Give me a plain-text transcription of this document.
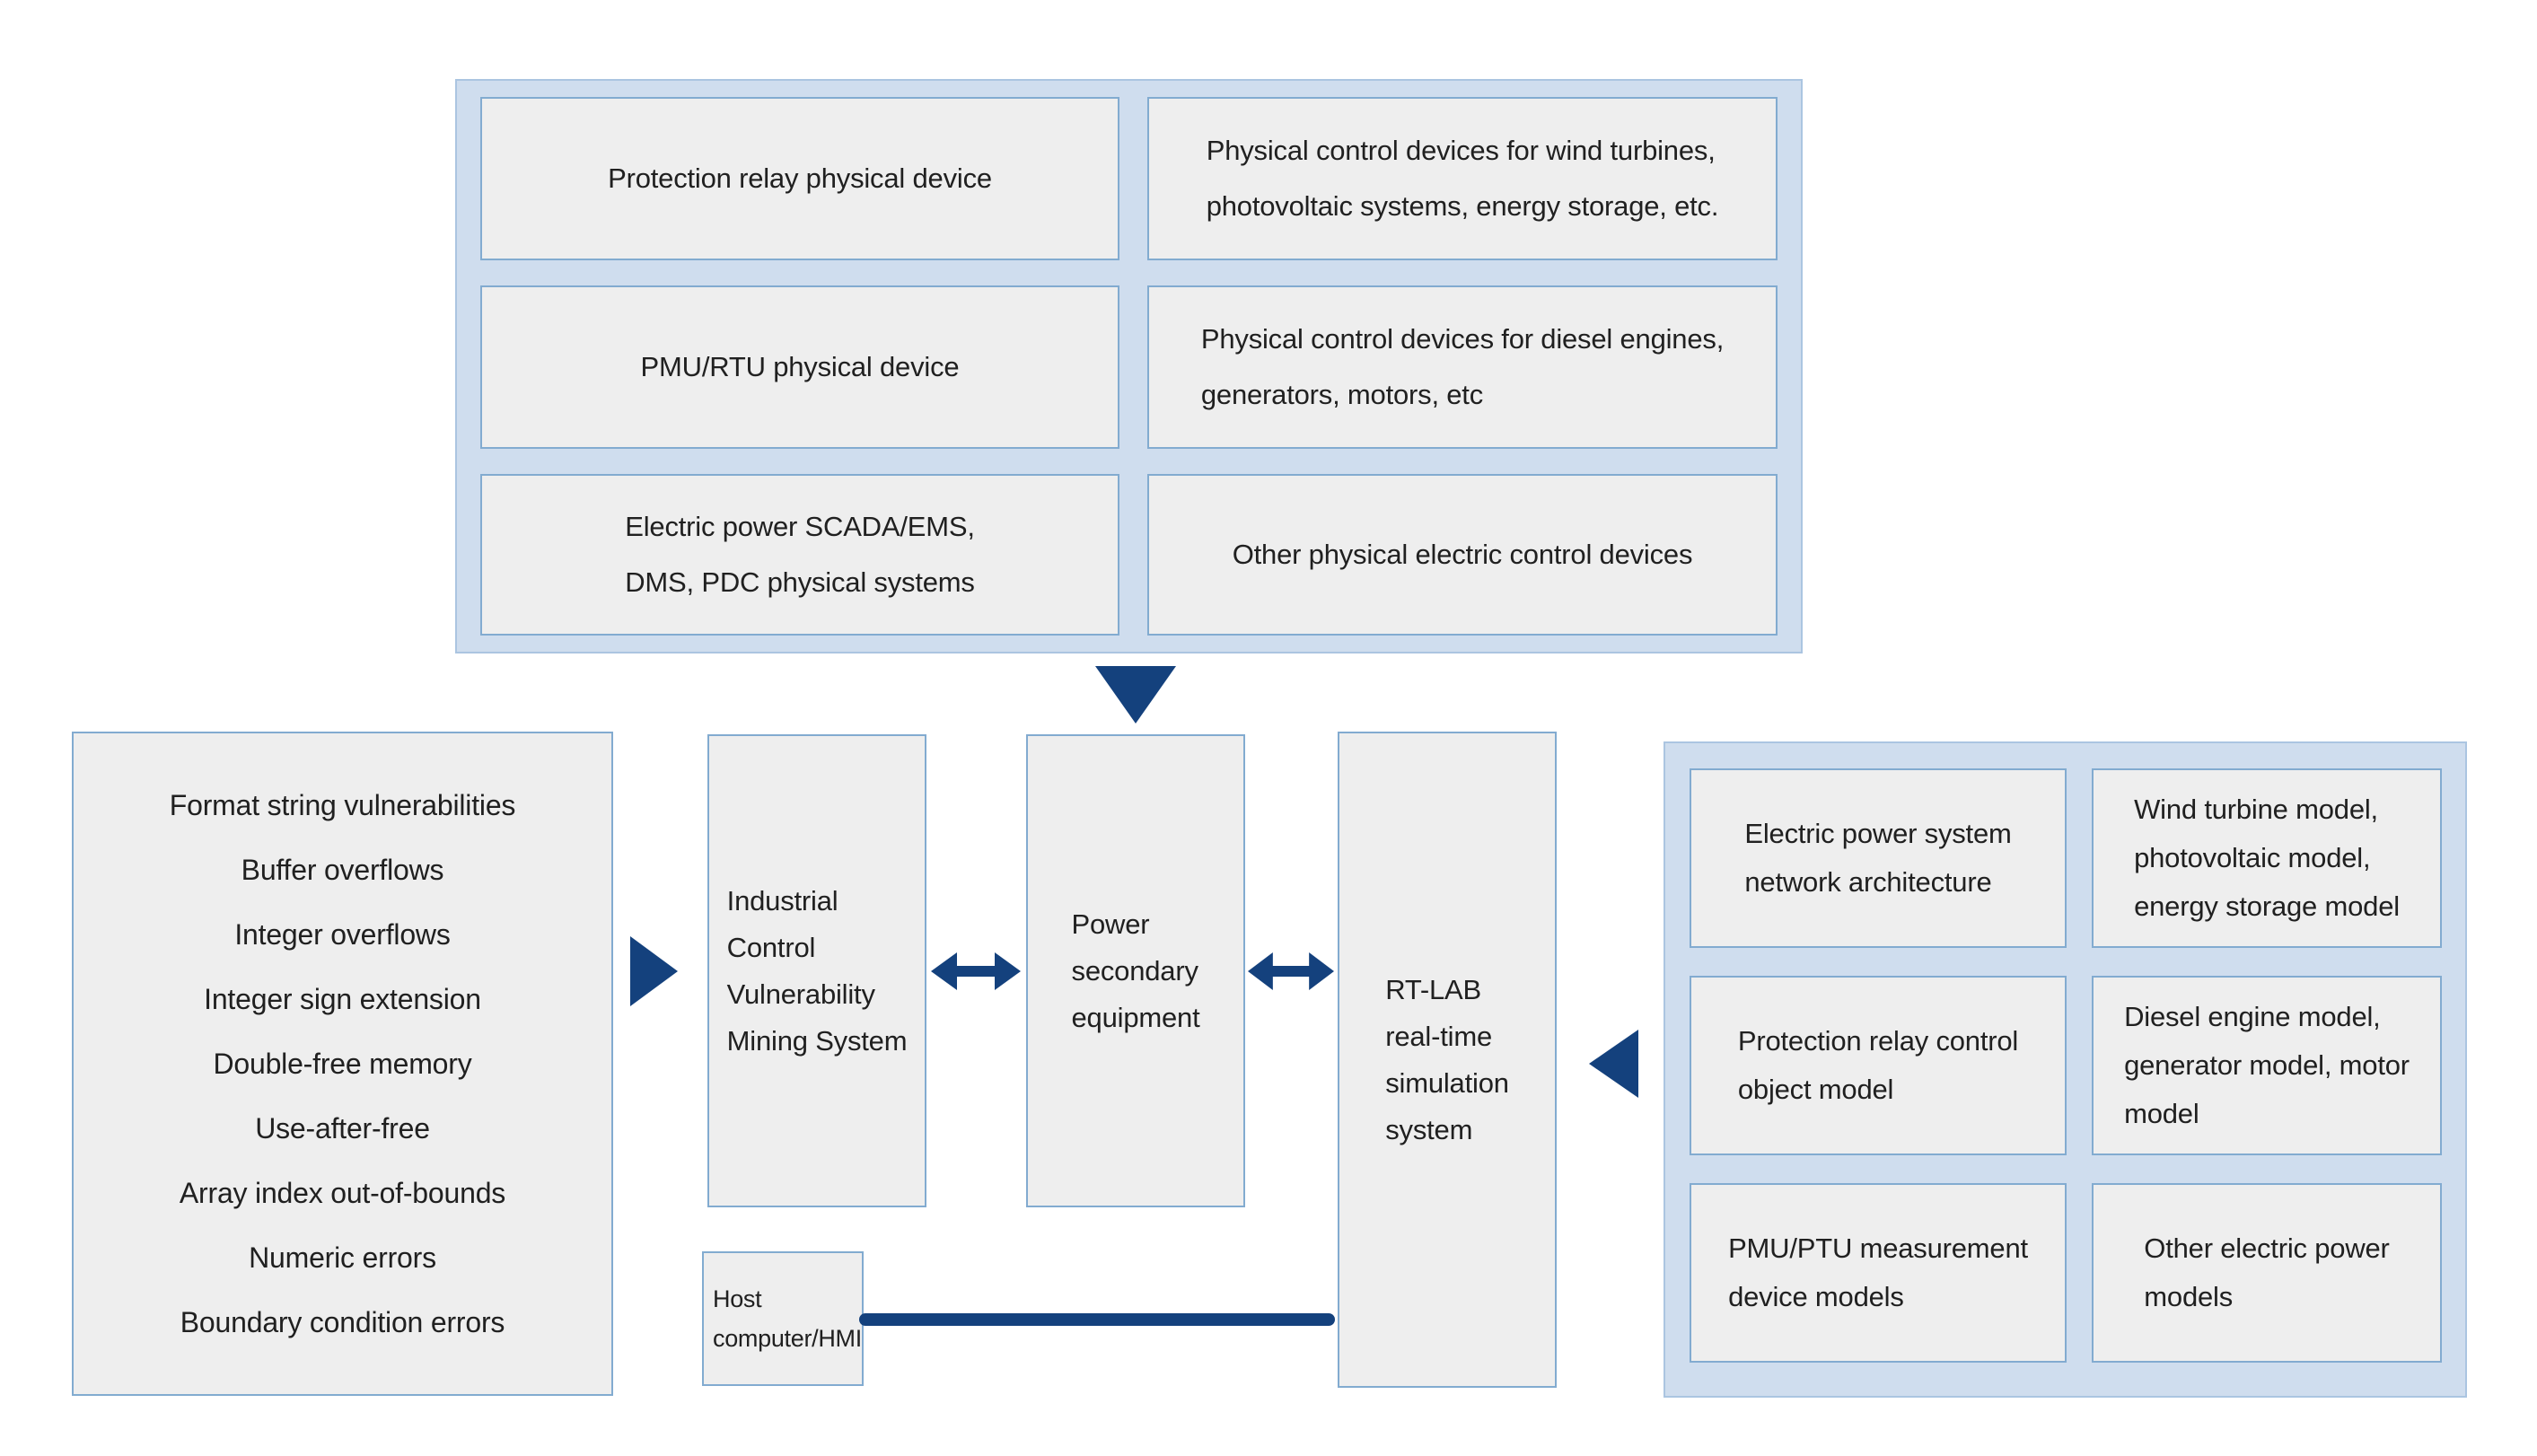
Protection relay physical device
Physical control devices for wind turbines,
photovoltaic systems, energy storage, etc.
PMU/RTU physical device
Physical control devices for diesel engines,
generators, motors, etc
Electric power SCADA/EMS,
DMS, PDC physical systems
Other physical electric control devices
Format string vulnerabilities
Buffer overflows
Integer overflows
Integer sign extension
Double-free memory
Use-after-free
Array index out-of-bounds
Numeric errors
Boundary condition errors
Industrial
Control
Vulnerability
Mining System
Power
secondary
equipment
RT-LAB
real-time
simulation
system
Host
computer/HMI
Electric power system
network architecture
Wind turbine model,
photovoltaic model,
energy storage model
Protection relay control
object model
Diesel engine model,
generator model, motor
model
PMU/PTU measurement
device models
Other electric power
models
